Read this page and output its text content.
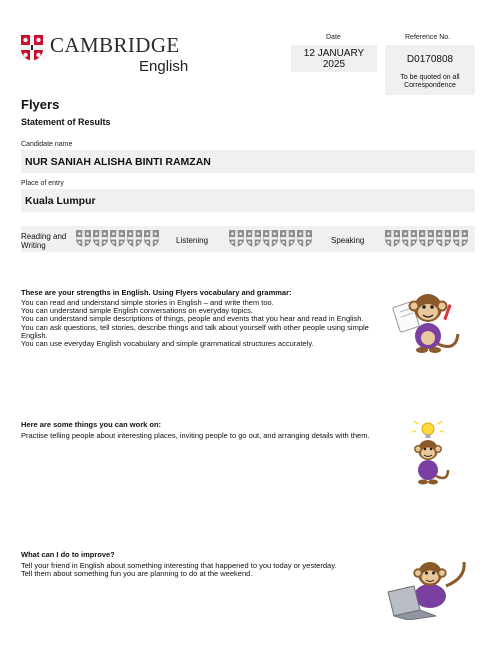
CAMBRIDGE
English
Date
12 JANUARY
2025
Reference No.
D0170808
To be quoted on all
Correspondence
Flyers
Statement of Results
Candidate name
NUR SANIAH ALISHA BINTI RAMZAN
Place of entry
Kuala Lumpur
Reading and
Writing
Listening	Speaking
These are your strengths in English. Using Flyers vocabulary and grammar:

You can read and understand simple stories in English – and write them too.

You can understand simple English conversations on everyday topics.

You can understand simple descriptions of things, people and events that you hear and read in English.

You can ask questions, tell stories, describe things and talk about yourself with other people using simple English.

You can use everyday English vocabulary and simple grammatical structures accurately.

Here are some things you can work on:

Practise telling people about interesting places, inviting people to go out, and arranging details with them.

What can I do to improve?

Tell your friend in English about something interesting that happened to you today or yesterday.

Tell them about something fun you are planning to do at the weekend.
